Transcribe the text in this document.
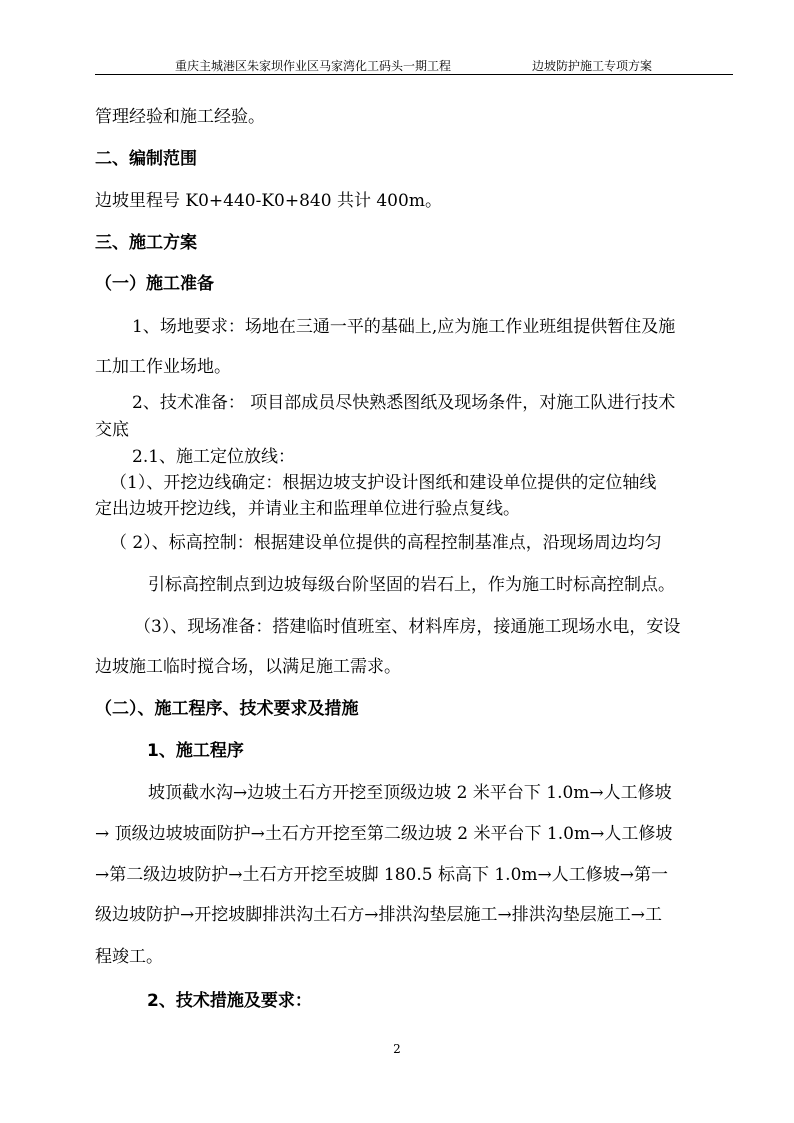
重庆主城港区朱家坝作业区马家湾化工码头一期工程	边坡防护施工专项方案
管理经验和施工经验。
二、编制范围
边坡里程号 K0+440-K0+840 共计 400m。
三、施工方案
（一）施工准备
1、场地要求：场地在三通一平的基础上,应为施工作业班组提供暂住及施
工加工作业场地。
2、技术准备： 项目部成员尽快熟悉图纸及现场条件，对施工队进行技术
交底
2.1、施工定位放线：
（1）、开挖边线确定：根据边坡支护设计图纸和建设单位提供的定位轴线
定出边坡开挖边线，并请业主和监理单位进行验点复线。
（ 2）、标高控制：根据建设单位提供的高程控制基准点，沿现场周边均匀
引标高控制点到边坡每级台阶坚固的岩石上，作为施工时标高控制点。
（3）、现场准备：搭建临时值班室、材料库房，接通施工现场水电，安设
边坡施工临时搅合场，以满足施工需求。
（二）、施工程序、技术要求及措施
1、施工程序
坡顶截水沟→边坡土石方开挖至顶级边坡 2 米平台下 1.0m→人工修坡
→ 顶级边坡坡面防护→土石方开挖至第二级边坡 2 米平台下 1.0m→人工修坡
→第二级边坡防护→土石方开挖至坡脚 180.5 标高下 1.0m→人工修坡→第一
级边坡防护→开挖坡脚排洪沟土石方→排洪沟垫层施工→排洪沟垫层施工→工
程竣工。
2、技术措施及要求：
2
